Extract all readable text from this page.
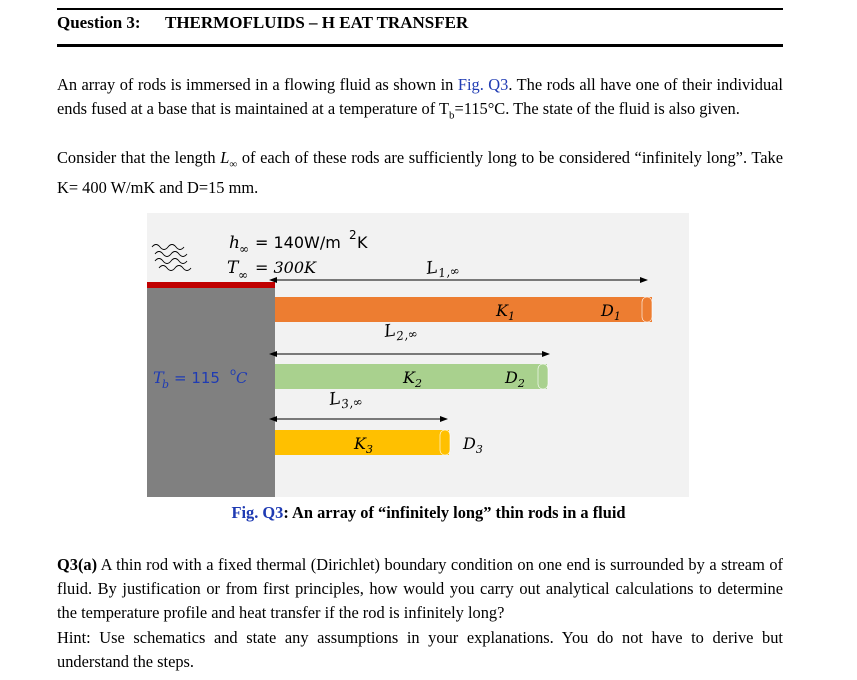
Question 3: THERMOFLUIDS – H EAT TRANSFER

An array of rods is immersed in a flowing fluid as shown in Fig. Q3. The rods all have one of their individual ends fused at a base that is maintained at a temperature of $T_b=115^\circ C$. The state of the fluid is also given.

Consider that the length $L_\infty$ of each of these rods are sufficiently long to be considered “infinitely long”. Take K= 400 W/mK and D=15 mm.

h ∞ = 140W/m 2 K
T ∞ = 300K
T
b = 115 o C
$L_{1,\infty}$
$K_1$	$D_1$
$L_{2,\infty}$
$K_2$	$D_2$
$L_{3,\infty}$
$K_3$	$D_3$
Fig. Q3: An array of “infinitely long” thin rods in a fluid

Q3(a) A thin rod with a fixed thermal (Dirichlet) boundary condition on one end is surrounded by a stream of fluid. By justification or from first principles, how would you carry out analytical calculations to determine the temperature profile and heat transfer if the rod is infinitely long?

Hint: Use schematics and state any assumptions in your explanations. You do not have to derive but understand the steps.
